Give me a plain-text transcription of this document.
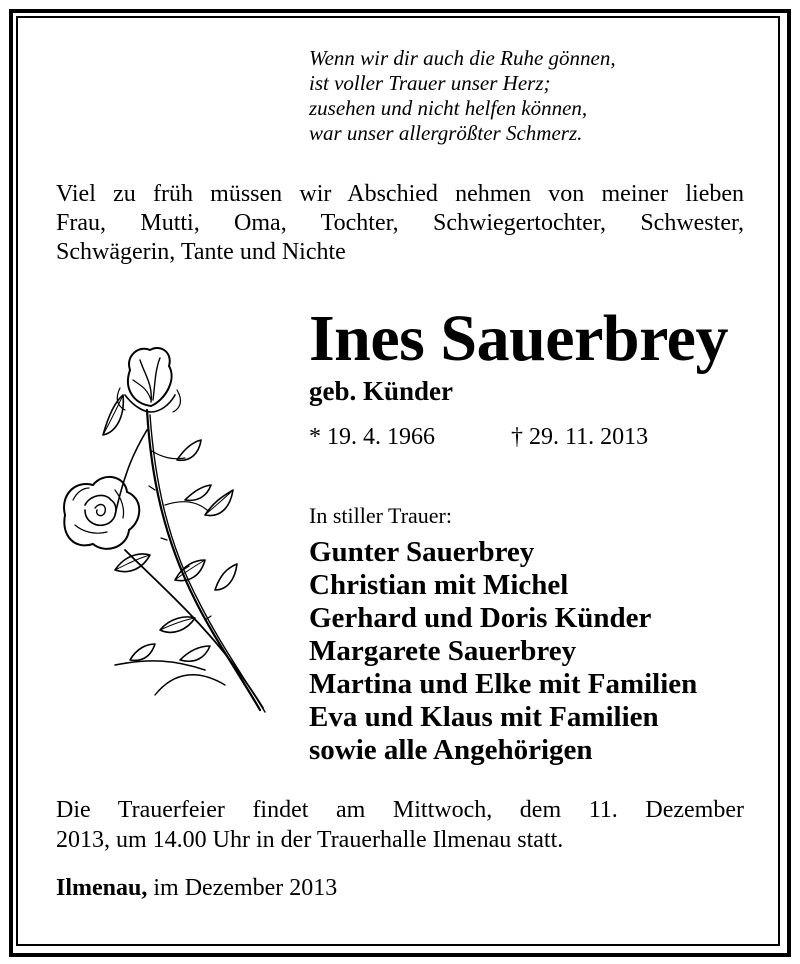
Wenn wir dir auch die Ruhe gönnen,
ist voller Trauer unser Herz;
zusehen und nicht helfen können,
war unser allergrößter Schmerz.
Viel zu früh müssen wir Abschied nehmen von meiner lieben
Frau, Mutti, Oma, Tochter, Schwiegertochter, Schwester,
Schwägerin, Tante und Nichte
Ines Sauerbrey
geb. Künder
* 19. 4. 1966	† 29. 11. 2013
In stiller Trauer:
Gunter Sauerbrey
Christian mit Michel
Gerhard und Doris Künder
Margarete Sauerbrey
Martina und Elke mit Familien
Eva und Klaus mit Familien
sowie alle Angehörigen
Die Trauerfeier findet am Mittwoch, dem 11. Dezember
2013, um 14.00 Uhr in der Trauerhalle Ilmenau statt.
Ilmenau, im Dezember 2013
